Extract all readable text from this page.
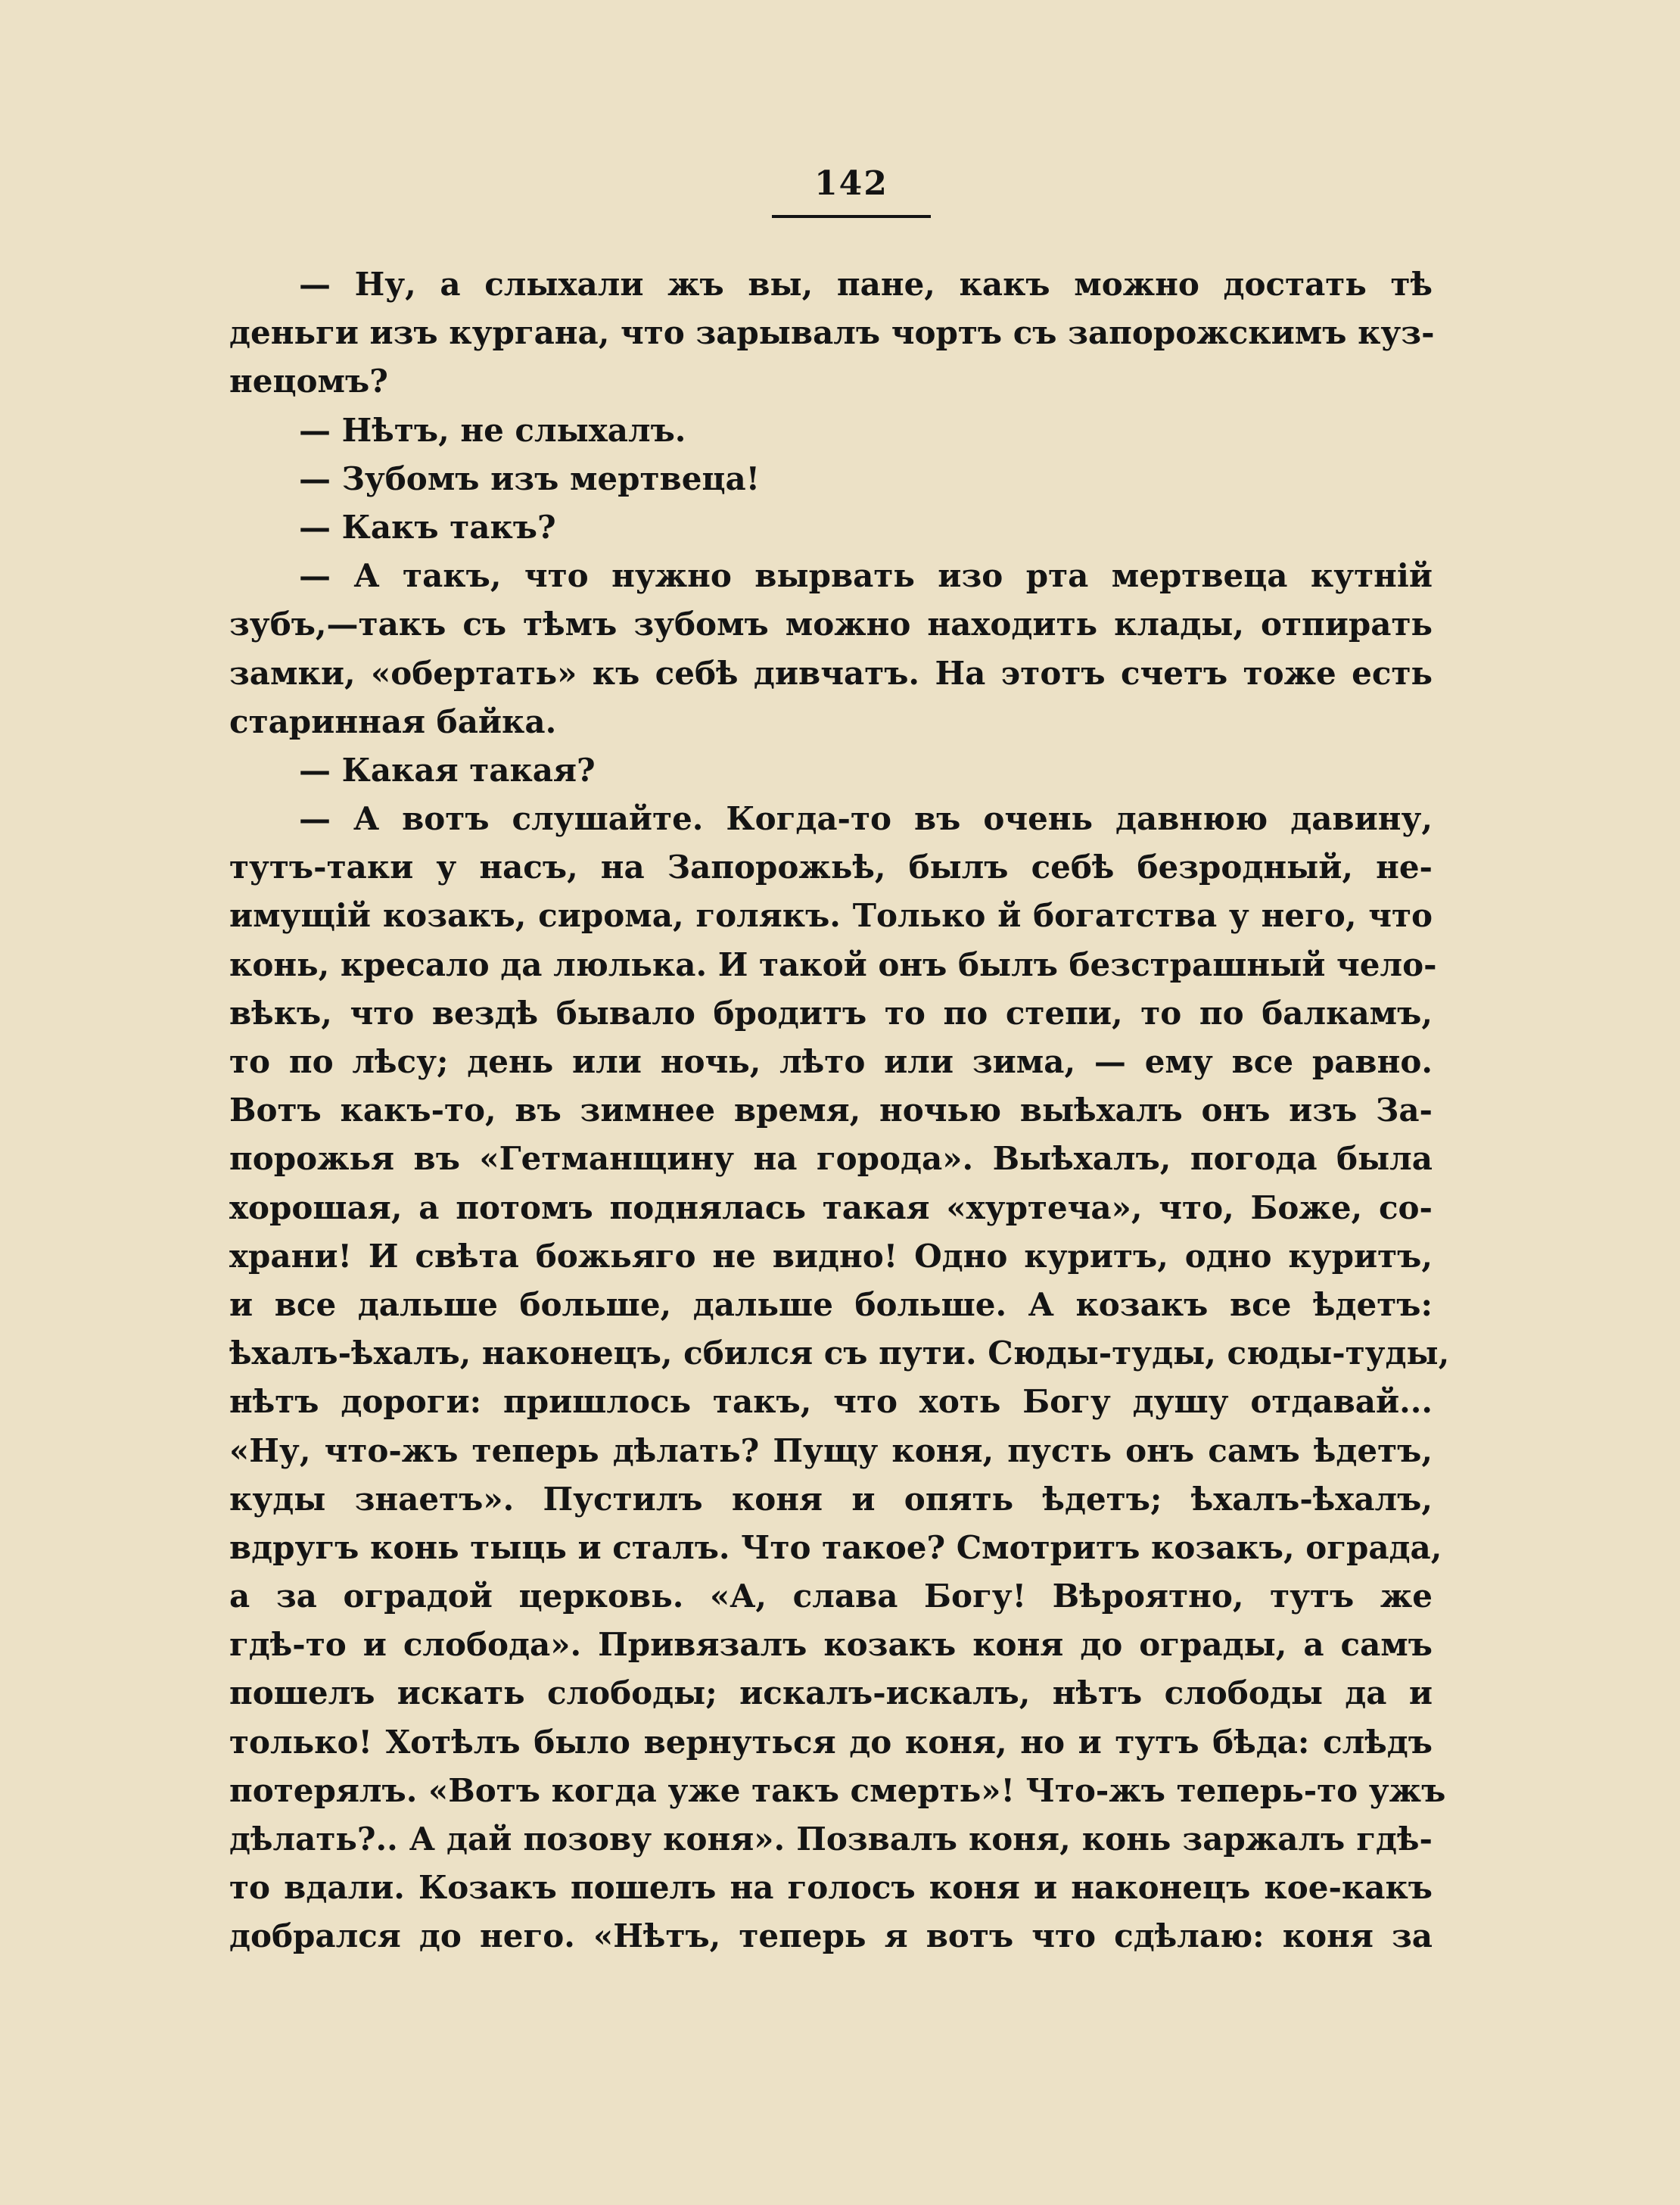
142
— Ну, а слыхали жъ вы, пане, какъ можно достать тѣ
деньги изъ кургана, что зарывалъ чортъ съ запорожскимъ куз-
нецомъ?
— Нѣтъ, не слыхалъ.
— Зубомъ изъ мертвеца!
— Какъ такъ?
— А такъ, что нужно вырвать изо рта мертвеца кутній
зубъ,—такъ съ тѣмъ зубомъ можно находить клады, отпирать
замки, «обертать» къ себѣ дивчатъ. На этотъ счетъ тоже есть
старинная байка.
— Какая такая?
— А вотъ слушайте. Когда-то въ очень давнюю давину,
тутъ-таки у насъ, на Запорожьѣ, былъ себѣ безродный, не-
имущій козакъ, сирома, голякъ. Только й богатства у него, что
конь, кресало да люлька. И такой онъ былъ безстрашный чело-
вѣкъ, что вездѣ бывало бродитъ то по степи, то по балкамъ,
то по лѣсу; день или ночь, лѣто или зима, — ему все равно.
Вотъ какъ-то, въ зимнее время, ночью выѣхалъ онъ изъ За-
порожья въ «Гетманщину на города». Выѣхалъ, погода была
хорошая, а потомъ поднялась такая «хуртеча», что, Боже, со-
храни! И свѣта божьяго не видно! Одно куритъ, одно куритъ,
и все дальше больше, дальше больше. А козакъ все ѣдетъ:
ѣхалъ-ѣхалъ, наконецъ, сбился съ пути. Сюды-туды, сюды-туды,
нѣтъ дороги: пришлось такъ, что хоть Богу душу отдавай...
«Ну, что-жъ теперь дѣлать? Пущу коня, пусть онъ самъ ѣдетъ,
куды знаетъ». Пустилъ коня и опять ѣдетъ; ѣхалъ-ѣхалъ,
вдругъ конь тыць и сталъ. Что такое? Смотритъ козакъ, ограда,
а за оградой церковь. «А, слава Богу! Вѣроятно, тутъ же
гдѣ-то и слобода». Привязалъ козакъ коня до ограды, а самъ
пошелъ искать слободы; искалъ-искалъ, нѣтъ слободы да и
только! Хотѣлъ было вернуться до коня, но и тутъ бѣда: слѣдъ
потерялъ. «Вотъ когда уже такъ смерть»! Что-жъ теперь-то ужъ
дѣлать?.. А дай позову коня». Позвалъ коня, конь заржалъ гдѣ-
то вдали. Козакъ пошелъ на голосъ коня и наконецъ кое-какъ
добрался до него. «Нѣтъ, теперь я вотъ что сдѣлаю: коня за
